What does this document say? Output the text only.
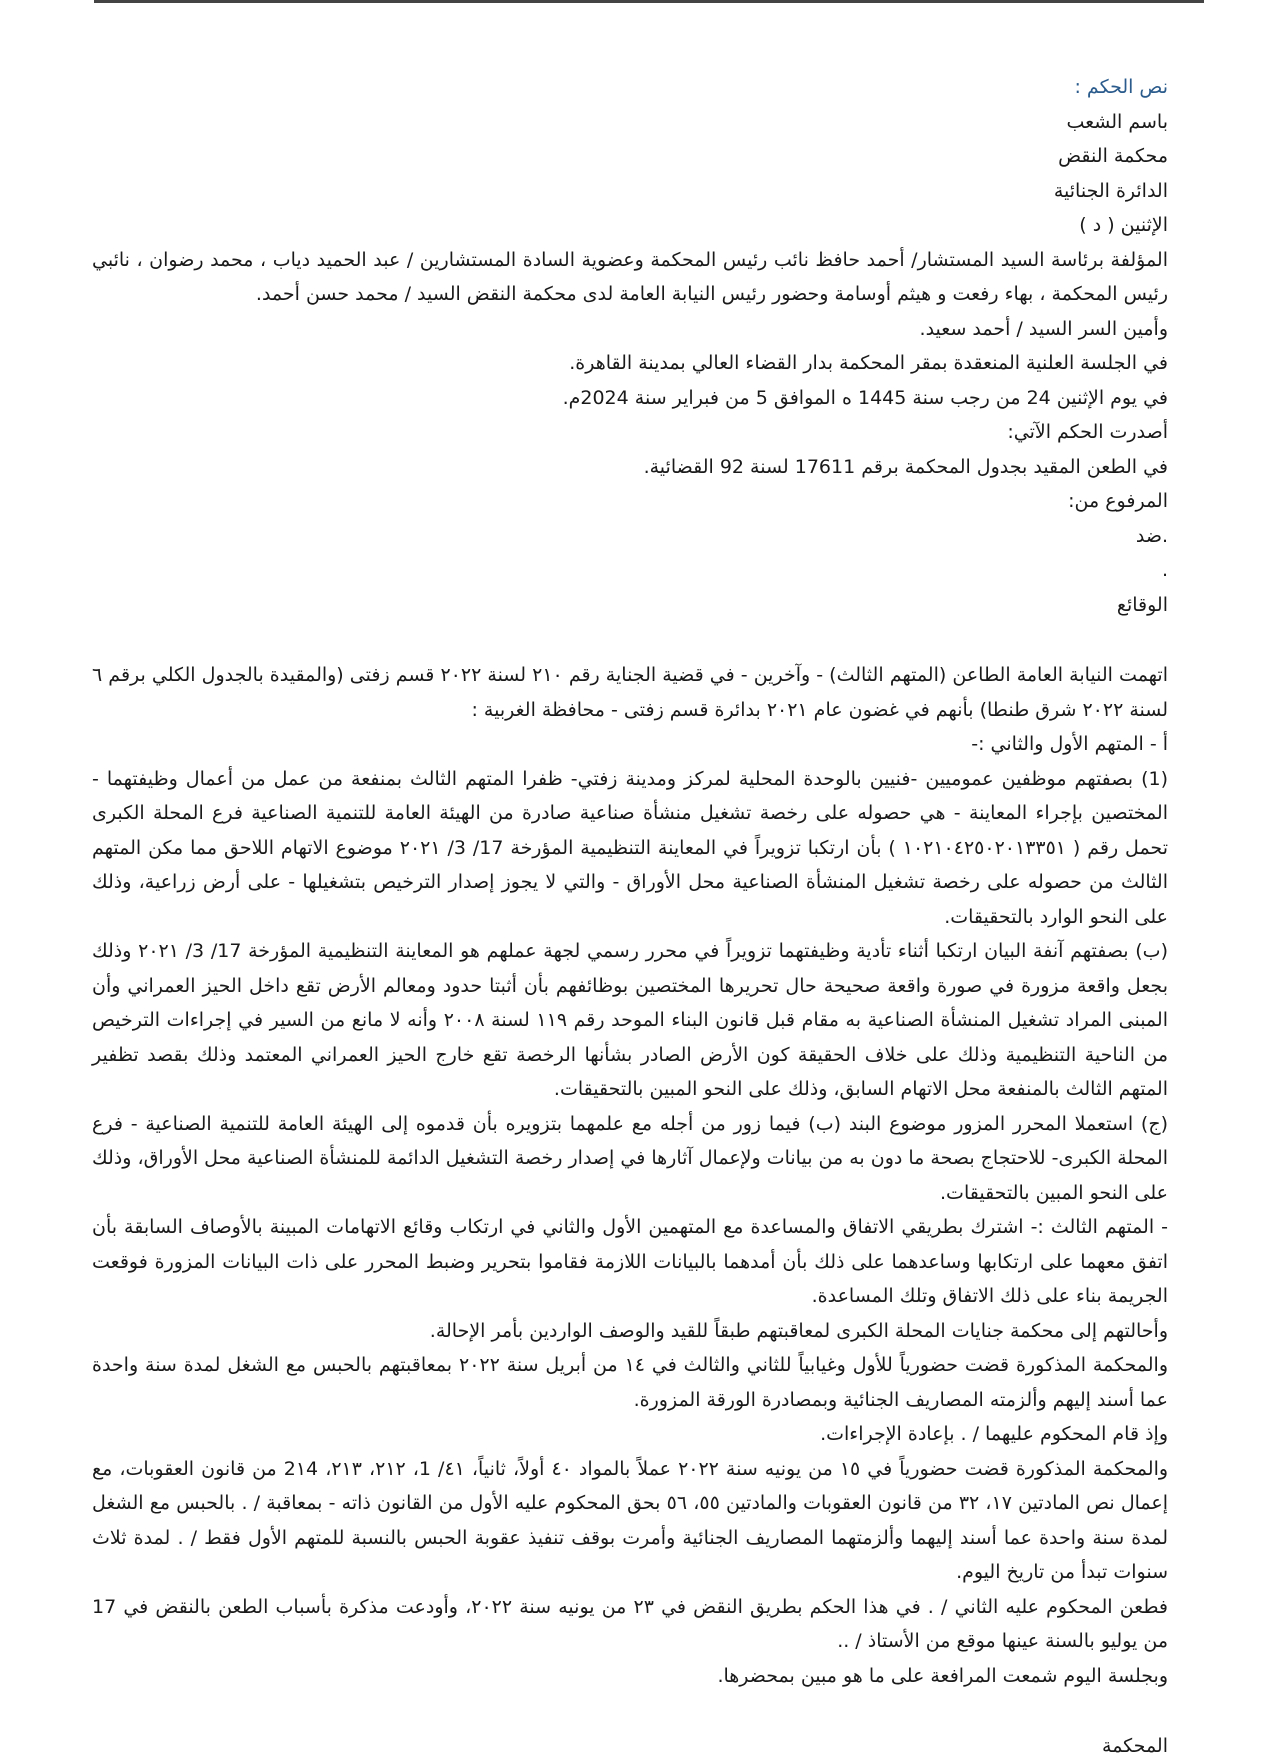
نص الحكم :

باسم الشعب

محكمة النقض

الدائرة الجنائية

الإثنين ( د )

المؤلفة برئاسة السيد المستشار/ أحمد حافظ نائب رئيس المحكمة وعضوية السادة المستشارين / عبد الحميد دياب ، محمد رضوان ، نائبي رئيس المحكمة ، بهاء رفعت و هيثم أوسامة وحضور رئيس النيابة العامة لدى محكمة النقض السيد / محمد حسن أحمد.

وأمين السر السيد / أحمد سعيد.

في الجلسة العلنية المنعقدة بمقر المحكمة بدار القضاء العالي بمدينة القاهرة.

في يوم الإثنين 24 من رجب سنة 1445 ه الموافق 5 من فبراير سنة 2024م.

أصدرت الحكم الآتي:

في الطعن المقيد بجدول المحكمة برقم 17611 لسنة 92 القضائية.

المرفوع من:

.ضد

.

الوقائع

اتهمت النيابة العامة الطاعن (المتهم الثالث) - وآخرين - في قضية الجناية رقم ٢١٠ لسنة ٢٠٢٢ قسم زفتى (والمقيدة بالجدول الكلي برقم ٦ لسنة ٢٠٢٢ شرق طنطا) بأنهم في غضون عام ٢٠٢١ بدائرة قسم زفتى - محافظة الغربية :

أ - المتهم الأول والثاني :-

(1) بصفتهم موظفين عموميين -فنيين بالوحدة المحلية لمركز ومدينة زفتي- ظفرا المتهم الثالث بمنفعة من عمل من أعمال وظيفتهما - المختصين بإجراء المعاينة - هي حصوله على رخصة تشغيل منشأة صناعية صادرة من الهيئة العامة للتنمية الصناعية فرع المحلة الكبرى تحمل رقم ( ١٠٢١٠٤٢٥٠٢٠١٣٣٥١ ) بأن ارتكبا تزويراً في المعاينة التنظيمية المؤرخة 17/ 3/ ٢٠٢١ موضوع الاتهام اللاحق مما مكن المتهم الثالث من حصوله على رخصة تشغيل المنشأة الصناعية محل الأوراق - والتي لا يجوز إصدار الترخيص بتشغيلها - على أرض زراعية، وذلك على النحو الوارد بالتحقيقات.

(ب) بصفتهم آنفة البيان ارتكبا أثناء تأدية وظيفتهما تزويراً في محرر رسمي لجهة عملهم هو المعاينة التنظيمية المؤرخة 17/ 3/ ٢٠٢١ وذلك بجعل واقعة مزورة في صورة واقعة صحيحة حال تحريرها المختصين بوظائفهم بأن أثبتا حدود ومعالم الأرض تقع داخل الحيز العمراني وأن المبنى المراد تشغيل المنشأة الصناعية به مقام قبل قانون البناء الموحد رقم ١١٩ لسنة ٢٠٠٨ وأنه لا مانع من السير في إجراءات الترخيص من الناحية التنظيمية وذلك على خلاف الحقيقة كون الأرض الصادر بشأنها الرخصة تقع خارج الحيز العمراني المعتمد وذلك بقصد تظفير المتهم الثالث بالمنفعة محل الاتهام السابق، وذلك على النحو المبين بالتحقيقات.

(ج) استعملا المحرر المزور موضوع البند (ب) فيما زور من أجله مع علمهما بتزويره بأن قدموه إلى الهيئة العامة للتنمية الصناعية - فرع المحلة الكبرى- للاحتجاج بصحة ما دون به من بيانات ولإعمال آثارها في إصدار رخصة التشغيل الدائمة للمنشأة الصناعية محل الأوراق، وذلك على النحو المبين بالتحقيقات.

- المتهم الثالث :- اشترك بطريقي الاتفاق والمساعدة مع المتهمين الأول والثاني في ارتكاب وقائع الاتهامات المبينة بالأوصاف السابقة بأن اتفق معهما على ارتكابها وساعدهما على ذلك بأن أمدهما بالبيانات اللازمة فقاموا بتحرير وضبط المحرر على ذات البيانات المزورة فوقعت الجريمة بناء على ذلك الاتفاق وتلك المساعدة.

وأحالتهم إلى محكمة جنايات المحلة الكبرى لمعاقبتهم طبقاً للقيد والوصف الواردين بأمر الإحالة.

والمحكمة المذكورة قضت حضورياً للأول وغيابياً للثاني والثالث في ١٤ من أبريل سنة ٢٠٢٢ بمعاقبتهم بالحبس مع الشغل لمدة سنة واحدة عما أسند إليهم وألزمته المصاريف الجنائية وبمصادرة الورقة المزورة.

وإذ قام المحكوم عليهما / . بإعادة الإجراءات.

والمحكمة المذكورة قضت حضورياً في ١٥ من يونيه سنة ٢٠٢٢ عملاً بالمواد ٤٠ أولاً، ثانياً، ٤١/ 1، ٢١٢، ٢١٣، 2١4 من قانون العقوبات، مع إعمال نص المادتين ١٧، ٣٢ من قانون العقوبات والمادتين ٥٥، ٥٦ بحق المحكوم عليه الأول من القانون ذاته - بمعاقبة / . بالحبس مع الشغل لمدة سنة واحدة عما أسند إليهما وألزمتهما المصاريف الجنائية وأمرت بوقف تنفيذ عقوبة الحبس بالنسبة للمتهم الأول فقط / . لمدة ثلاث سنوات تبدأ من تاريخ اليوم.

فطعن المحكوم عليه الثاني / . في هذا الحكم بطريق النقض في ٢٣ من يونيه سنة ٢٠٢٢، وأودعت مذكرة بأسباب الطعن بالنقض في 17 من يوليو بالسنة عينها موقع من الأستاذ / ..

وبجلسة اليوم شمعت المرافعة على ما هو مبين بمحضرها.

المحكمة
